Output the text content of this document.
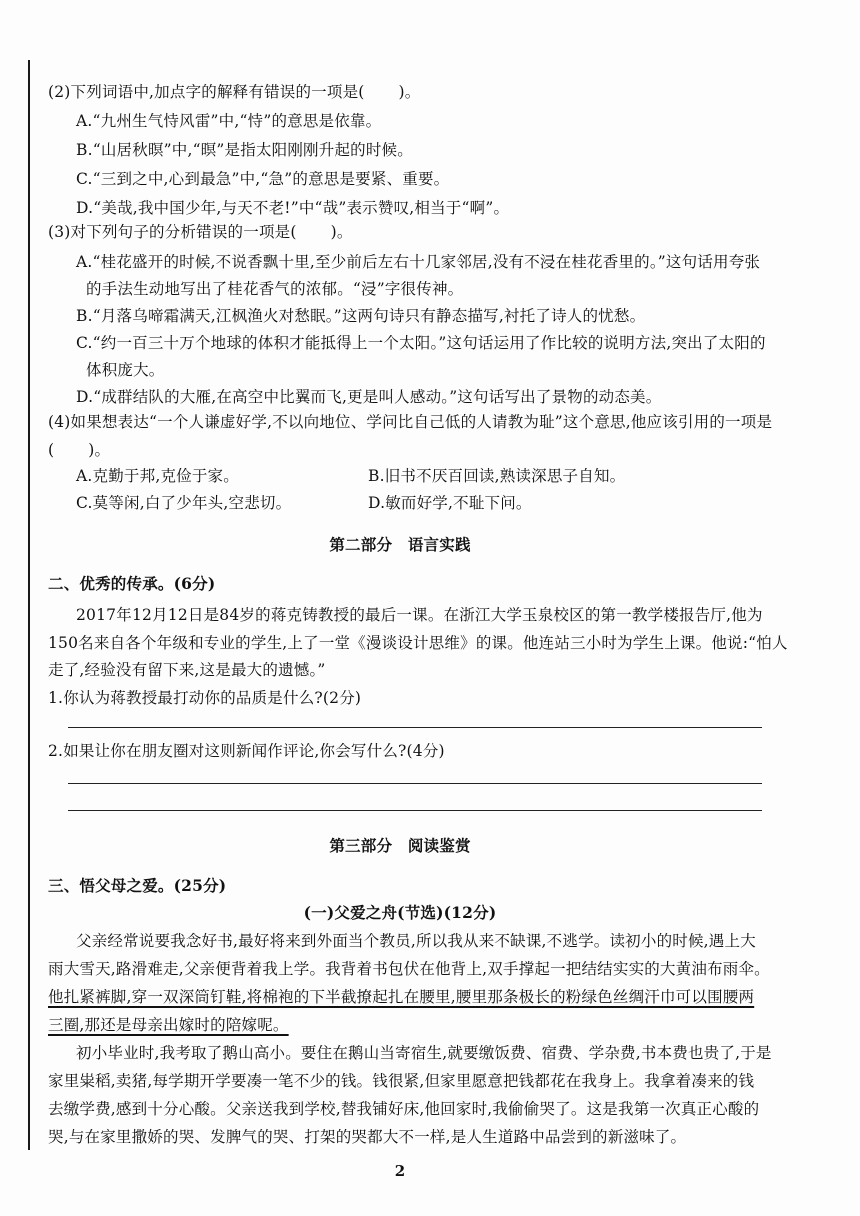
(2)下列词语中,加点字的解释有错误的一项是( )。
A.“九州生气恃风雷”中,“恃”的意思是依靠。
B.“山居秋暝”中,“暝”是指太阳刚刚升起的时候。
C.“三到之中,心到最急”中,“急”的意思是要紧、重要。
D.“美哉,我中国少年,与天不老!”中“哉”表示赞叹,相当于“啊”。
(3)对下列句子的分析错误的一项是( )。
A.“桂花盛开的时候,不说香飘十里,至少前后左右十几家邻居,没有不浸在桂花香里的。”这句话用夸张
的手法生动地写出了桂花香气的浓郁。“浸”字很传神。
B.“月落乌啼霜满天,江枫渔火对愁眠。”这两句诗只有静态描写,衬托了诗人的忧愁。
C.“约一百三十万个地球的体积才能抵得上一个太阳。”这句话运用了作比较的说明方法,突出了太阳的
体积庞大。
D.“成群结队的大雁,在高空中比翼而飞,更是叫人感动。”这句话写出了景物的动态美。
(4)如果想表达“一个人谦虚好学,不以向地位、学问比自己低的人请教为耻”这个意思,他应该引用的一项是
( )。
A.克勤于邦,克俭于家。	B.旧书不厌百回读,熟读深思子自知。
C.莫等闲,白了少年头,空悲切。	D.敏而好学,不耻下问。
第二部分　语言实践
二、优秀的传承。(6分)
2017年12月12日是84岁的蒋克铸教授的最后一课。在浙江大学玉泉校区的第一教学楼报告厅,他为
150名来自各个年级和专业的学生,上了一堂《漫谈设计思维》的课。他连站三小时为学生上课。他说:“怕人
走了,经验没有留下来,这是最大的遗憾。”
1.你认为蒋教授最打动你的品质是什么?(2分)
2.如果让你在朋友圈对这则新闻作评论,你会写什么?(4分)
第三部分　阅读鉴赏
三、悟父母之爱。(25分)
(一)父爱之舟(节选)(12分)
父亲经常说要我念好书,最好将来到外面当个教员,所以我从来不缺课,不逃学。读初小的时候,遇上大
雨大雪天,路滑难走,父亲便背着我上学。我背着书包伏在他背上,双手撑起一把结结实实的大黄油布雨伞。
他扎紧裤脚,穿一双深筒钉鞋,将棉袍的下半截撩起扎在腰里,腰里那条极长的粉绿色丝绸汗巾可以围腰两
三圈,那还是母亲出嫁时的陪嫁呢。
初小毕业时,我考取了鹅山高小。要住在鹅山当寄宿生,就要缴饭费、宿费、学杂费,书本费也贵了,于是
家里粜稻,卖猪,每学期开学要凑一笔不少的钱。钱很紧,但家里愿意把钱都花在我身上。我拿着凑来的钱
去缴学费,感到十分心酸。父亲送我到学校,替我铺好床,他回家时,我偷偷哭了。这是我第一次真正心酸的
哭,与在家里撒娇的哭、发脾气的哭、打架的哭都大不一样,是人生道路中品尝到的新滋味了。
2
